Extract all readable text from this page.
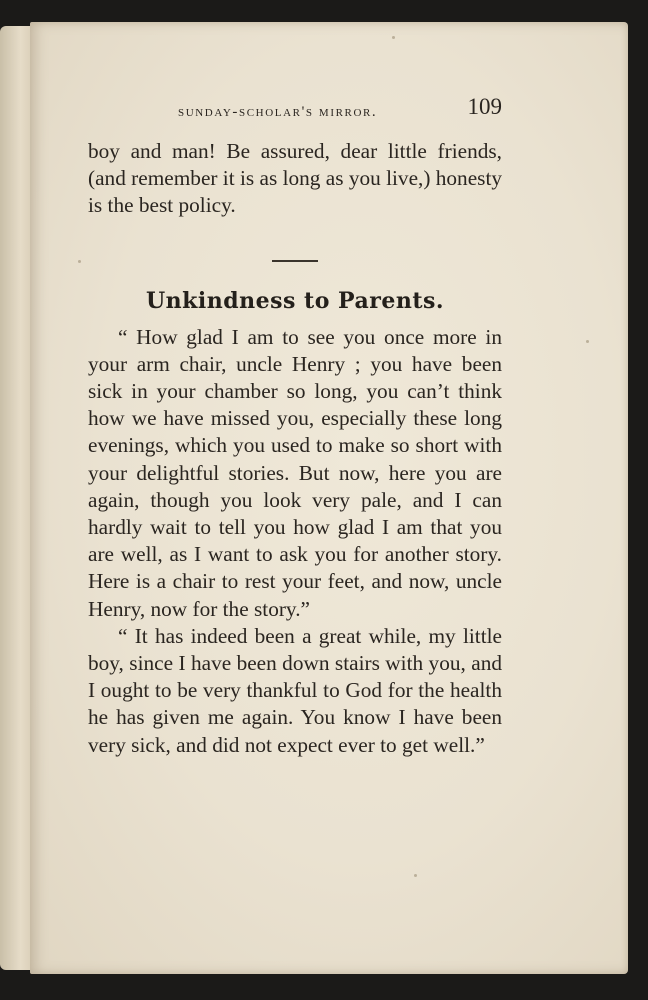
sunday-scholar's mirror.	109

boy and man! Be assured, dear little friends, (and remember it is as long as you live,) honesty is the best policy.

Unkindness to Parents.

“ How glad I am to see you once more in your arm chair, uncle Henry ; you have been sick in your chamber so long, you can’t think how we have missed you, especially these long evenings, which you used to make so short with your delightful stories. But now, here you are again, though you look very pale, and I can hardly wait to tell you how glad I am that you are well, as I want to ask you for another story. Here is a chair to rest your feet, and now, uncle Henry, now for the story.”

“ It has indeed been a great while, my little boy, since I have been down stairs with you, and I ought to be very thankful to God for the health he has given me again. You know I have been very sick, and did not expect ever to get well.”
